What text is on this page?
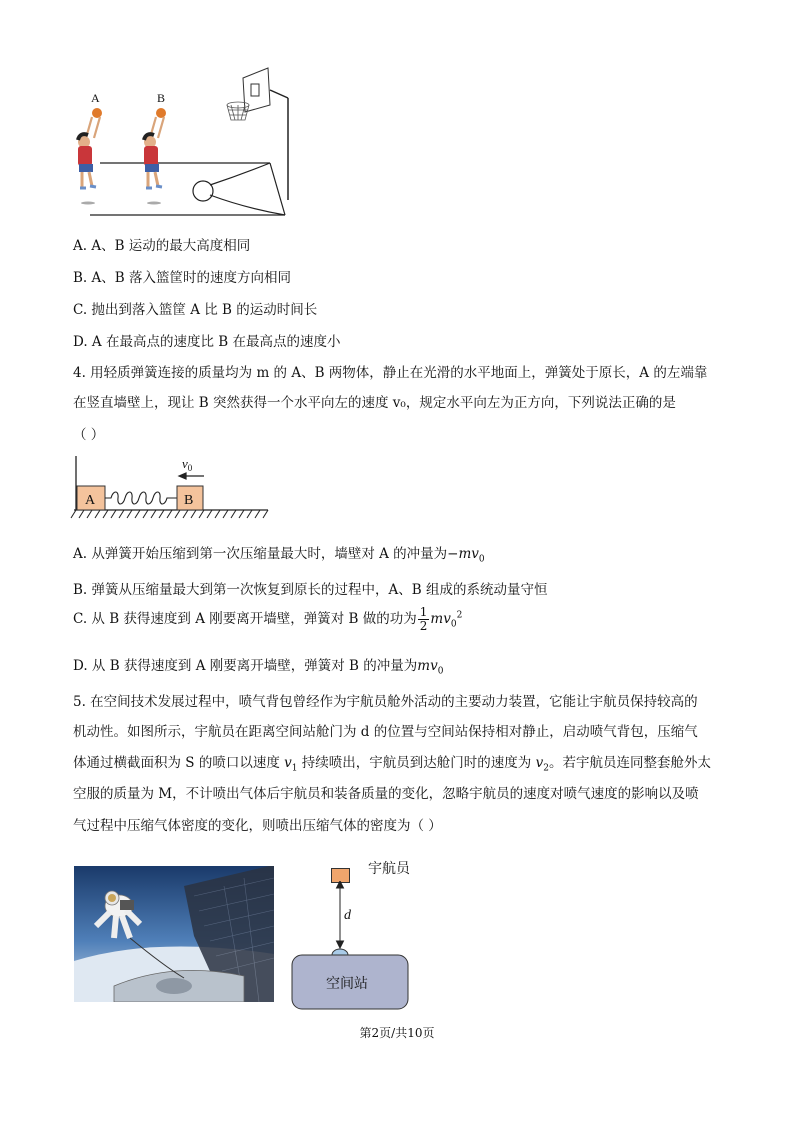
A	B
A. A、B 运动的最大高度相同
B. A、B 落入篮筐时的速度方向相同
C. 抛出到落入篮筐 A 比 B 的运动时间长
D. A 在最高点的速度比 B 在最高点的速度小
4. 用轻质弹簧连接的质量均为 m 的 A、B 两物体，静止在光滑的水平地面上，弹簧处于原长，A 的左端靠
在竖直墙壁上，现让 B 突然获得一个水平向左的速度 v₀，规定水平向左为正方向，下列说法正确的是
（ ）
A	B
$v_0$
A. 从弹簧开始压缩到第一次压缩量最大时，墙壁对 A 的冲量为$-mv_0$
B. 弹簧从压缩量最大到第一次恢复到原长的过程中，A、B 组成的系统动量守恒
C. 从 B 获得速度到 A 刚要离开墙壁，弹簧对 B 做的功为 $\frac{1}{2} mv_0^2$
D. 从 B 获得速度到 A 刚要离开墙壁，弹簧对 B 的冲量为$mv_0$
5. 在空间技术发展过程中，喷气背包曾经作为宇航员舱外活动的主要动力装置，它能让宇航员保持较高的
机动性。如图所示，宇航员在距离空间站舱门为 d 的位置与空间站保持相对静止，启动喷气背包，压缩气
体通过横截面积为 S 的喷口以速度 $v_1$ 持续喷出，宇航员到达舱门时的速度为 $v_2$。若宇航员连同整套舱外太
空服的质量为 M，不计喷出气体后宇航员和装备质量的变化，忽略宇航员的速度对喷气速度的影响以及喷
气过程中压缩气体密度的变化，则喷出压缩气体的密度为（ ）
宇航员
d
空间站
第2页/共10页
